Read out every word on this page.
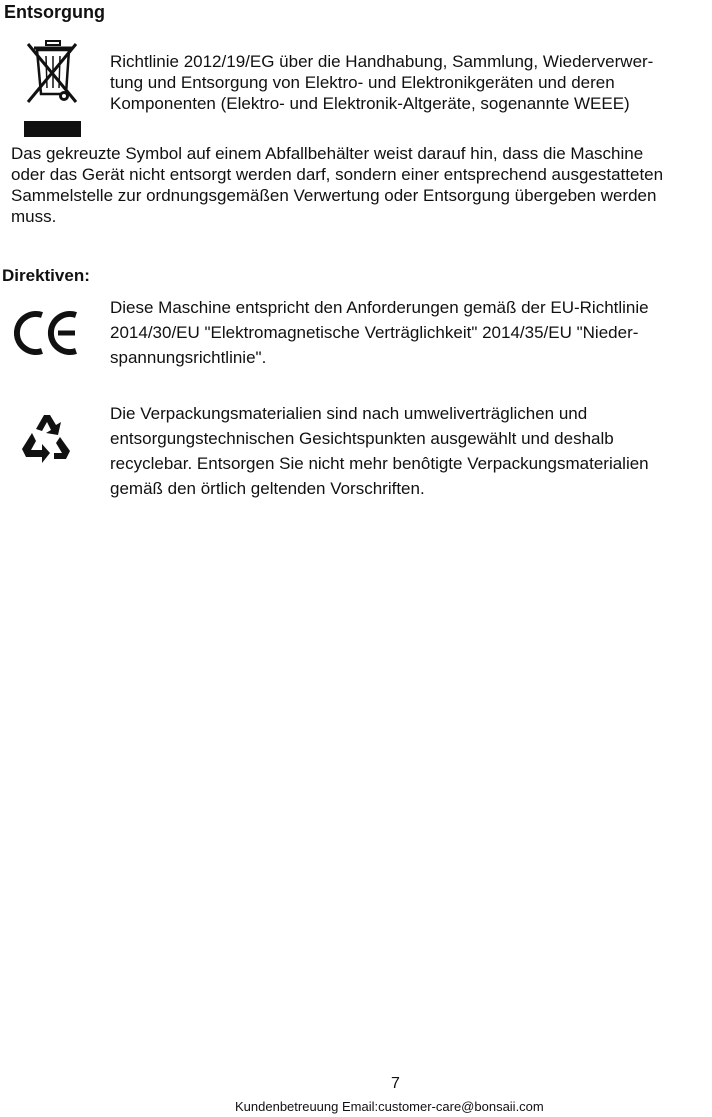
Entsorgung

Richtlinie 2012/19/EG über die Handhabung, Sammlung, Wiederverwer-
tung und Entsorgung von Elektro- und Elektronikgeräten und deren
Komponenten (Elektro- und Elektronik-Altgeräte, sogenannte WEEE)

Das gekreuzte Symbol auf einem Abfallbehälter weist darauf hin, dass die Maschine
oder das Gerät nicht entsorgt werden darf, sondern einer entsprechend ausgestatteten
Sammelstelle zur ordnungsgemäßen Verwertung oder Entsorgung übergeben werden
muss.

Direktiven:

Diese Maschine entspricht den Anforderungen gemäß der EU-Richtlinie
2014/30/EU "Elektromagnetische Verträglichkeit" 2014/35/EU "Nieder-
spannungsrichtlinie".

Die Verpackungsmaterialien sind nach umweliverträglichen und
entsorgungstechnischen Gesichtspunkten ausgewählt und deshalb
recyclebar. Entsorgen Sie nicht mehr benôtigte Verpackungsmaterialien
gemäß den örtlich geltenden Vorschriften.

7
Kundenbetreuung Email:customer-care@bonsaii.com
